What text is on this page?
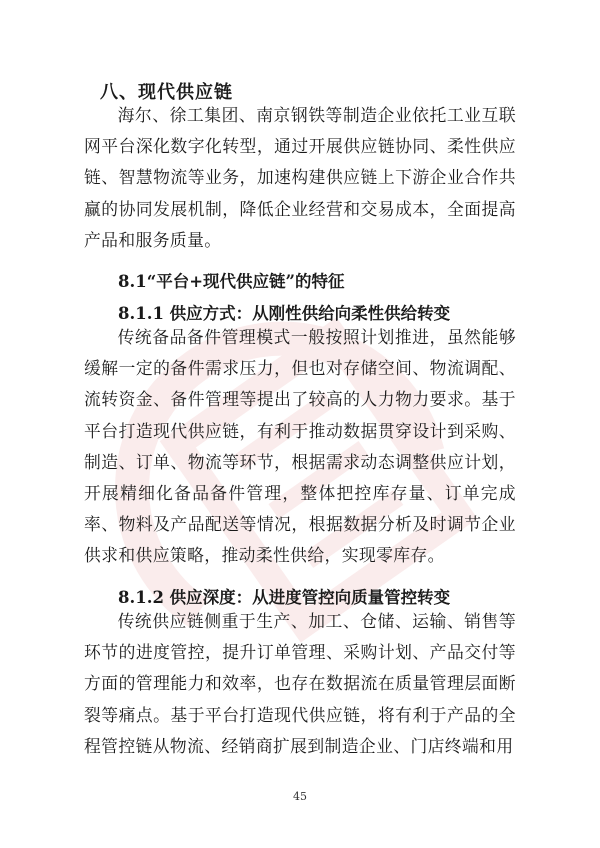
八、现代供应链
海尔、徐工集团、南京钢铁等制造企业依托工业互联网平台深化数字化转型，通过开展供应链协同、柔性供应链、智慧物流等业务，加速构建供应链上下游企业合作共赢的协同发展机制，降低企业经营和交易成本，全面提高产品和服务质量。
8.1“平台+现代供应链”的特征
8.1.1 供应方式：从刚性供给向柔性供给转变
传统备品备件管理模式一般按照计划推进，虽然能够缓解一定的备件需求压力，但也对存储空间、物流调配、流转资金、备件管理等提出了较高的人力物力要求。基于平台打造现代供应链，有利于推动数据贯穿设计到采购、制造、订单、物流等环节，根据需求动态调整供应计划，开展精细化备品备件管理，整体把控库存量、订单完成率、物料及产品配送等情况，根据数据分析及时调节企业供求和供应策略，推动柔性供给，实现零库存。
8.1.2 供应深度：从进度管控向质量管控转变
传统供应链侧重于生产、加工、仓储、运输、销售等环节的进度管控，提升订单管理、采购计划、产品交付等方面的管理能力和效率，也存在数据流在质量管理层面断裂等痛点。基于平台打造现代供应链，将有利于产品的全程管控链从物流、经销商扩展到制造企业、门店终端和用
45
